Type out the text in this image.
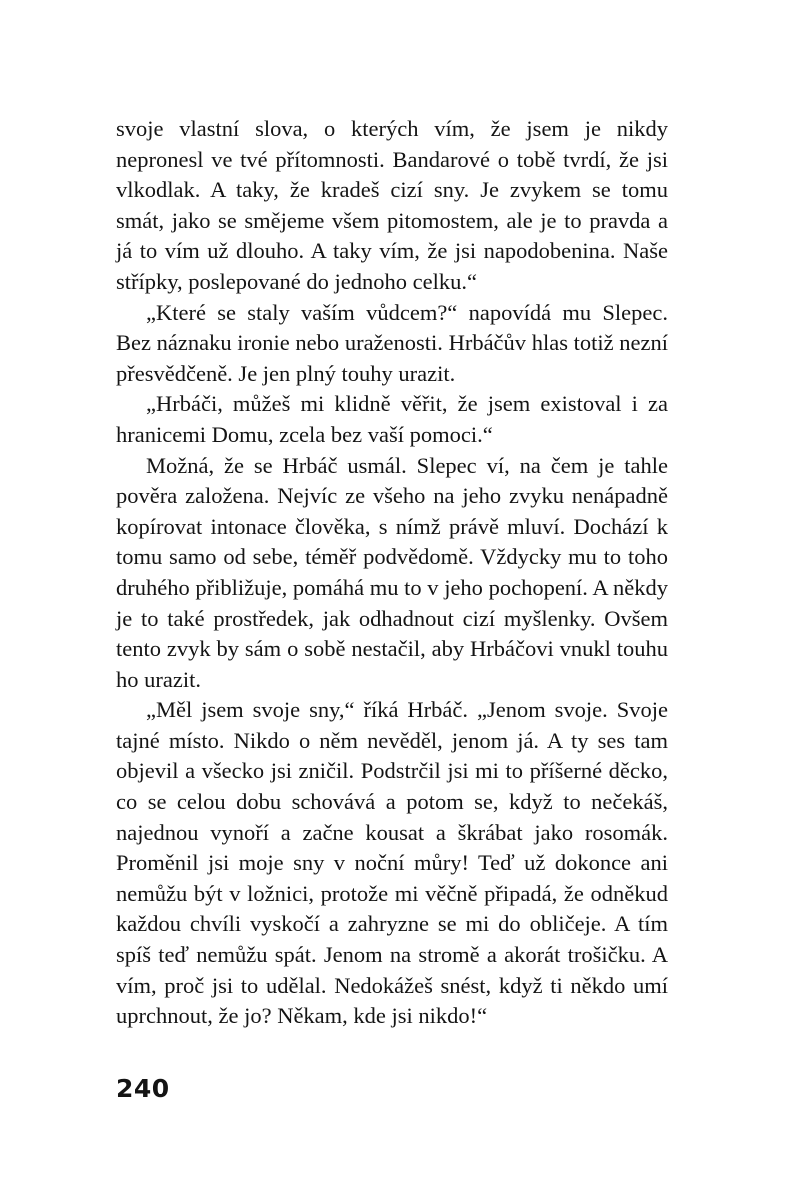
svoje vlastní slova, o kterých vím, že jsem je nikdy nepronesl ve tvé přítomnosti. Bandarové o tobě tvrdí, že jsi vlkodlak. A taky, že kradeš cizí sny. Je zvykem se tomu smát, jako se smějeme všem pitomostem, ale je to pravda a já to vím už dlouho. A taky vím, že jsi napodobenina. Naše střípky, poslepované do jednoho celku.“

„Které se staly vaším vůdcem?“ napovídá mu Slepec. Bez náznaku ironie nebo uraženosti. Hrbáčův hlas totiž nezní přesvědčeně. Je jen plný touhy urazit.

„Hrbáči, můžeš mi klidně věřit, že jsem existoval i za hranicemi Domu, zcela bez vaší pomoci.“

Možná, že se Hrbáč usmál. Slepec ví, na čem je tahle pověra založena. Nejvíc ze všeho na jeho zvyku nenápadně kopírovat intonace člověka, s nímž právě mluví. Dochází k tomu samo od sebe, téměř podvědomě. Vždycky mu to toho druhého přibližuje, pomáhá mu to v jeho pochopení. A někdy je to také prostředek, jak odhadnout cizí myšlenky. Ovšem tento zvyk by sám o sobě nestačil, aby Hrbáčovi vnukl touhu ho urazit.

„Měl jsem svoje sny,“ říká Hrbáč. „Jenom svoje. Svoje tajné místo. Nikdo o něm nevěděl, jenom já. A ty ses tam objevil a všecko jsi zničil. Podstrčil jsi mi to příšerné děcko, co se celou dobu schovává a potom se, když to nečekáš, najednou vynoří a začne kousat a škrábat jako rosomák. Proměnil jsi moje sny v noční můry! Teď už dokonce ani nemůžu být v ložnici, protože mi věčně připadá, že odněkud každou chvíli vyskočí a zahryzne se mi do obličeje. A tím spíš teď nemůžu spát. Jenom na stromě a akorát trošičku. A vím, proč jsi to udělal. Nedokážeš snést, když ti někdo umí uprchnout, že jo? Někam, kde jsi nikdo!“

240
